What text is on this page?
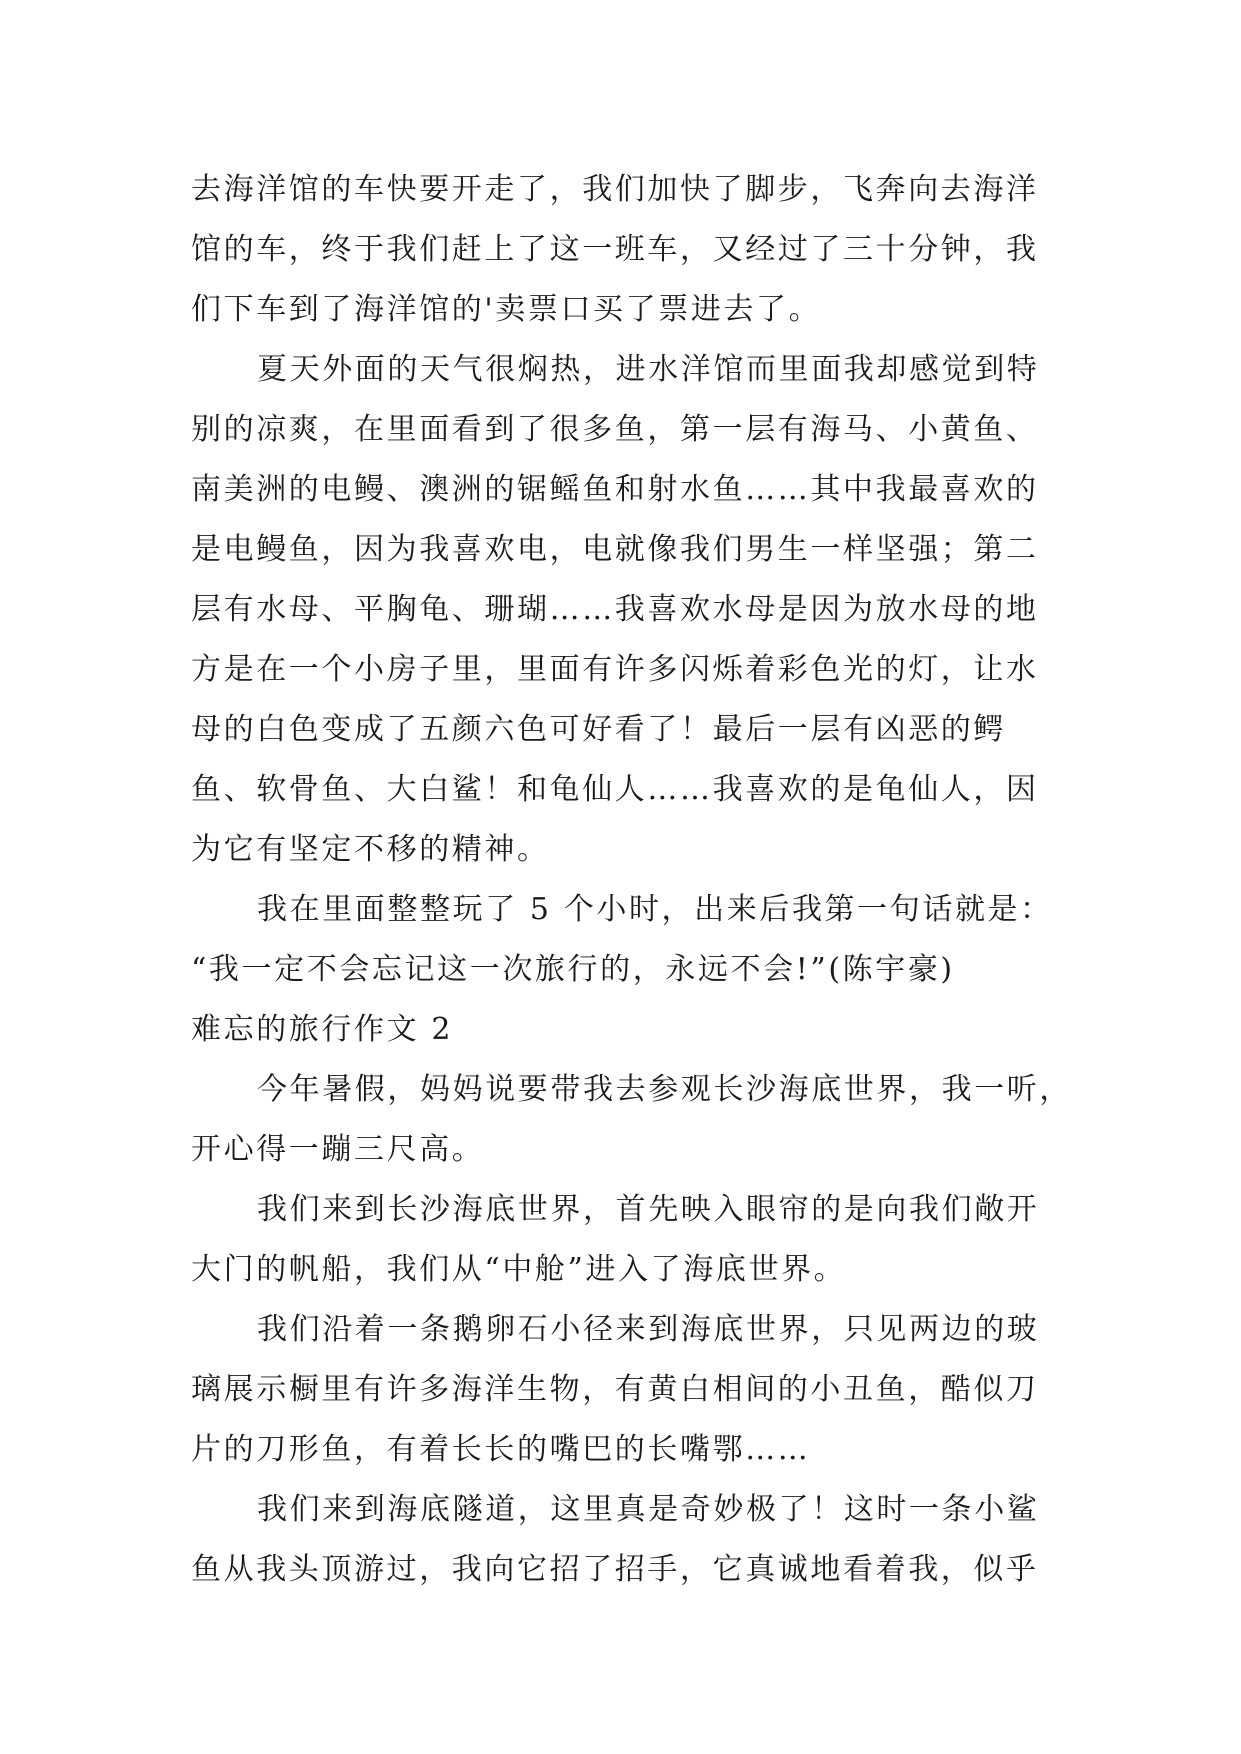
去海洋馆的车快要开走了，我们加快了脚步，飞奔向去海洋
馆的车，终于我们赶上了这一班车，又经过了三十分钟，我
们下车到了海洋馆的'卖票口买了票进去了。
夏天外面的天气很焖热，进水洋馆而里面我却感觉到特
别的凉爽，在里面看到了很多鱼，第一层有海马、小黄鱼、
南美洲的电鳗、澳洲的锯鳐鱼和射水鱼……其中我最喜欢的
是电鳗鱼，因为我喜欢电，电就像我们男生一样坚强；第二
层有水母、平胸龟、珊瑚……我喜欢水母是因为放水母的地
方是在一个小房子里，里面有许多闪烁着彩色光的灯，让水
母的白色变成了五颜六色可好看了！最后一层有凶恶的鳄
鱼、软骨鱼、大白鲨！和龟仙人……我喜欢的是龟仙人，因
为它有坚定不移的精神。
我在里面整整玩了 5 个小时，出来后我第一句话就是：
“我一定不会忘记这一次旅行的，永远不会!”(陈宇豪)
难忘的旅行作文 2
今年暑假，妈妈说要带我去参观长沙海底世界，我一听，
开心得一蹦三尺高。
我们来到长沙海底世界，首先映入眼帘的是向我们敞开
大门的帆船，我们从“中舱”进入了海底世界。
我们沿着一条鹅卵石小径来到海底世界，只见两边的玻
璃展示橱里有许多海洋生物，有黄白相间的小丑鱼，酷似刀
片的刀形鱼，有着长长的嘴巴的长嘴鄂……
我们来到海底隧道，这里真是奇妙极了！这时一条小鲨
鱼从我头顶游过，我向它招了招手，它真诚地看着我，似乎
